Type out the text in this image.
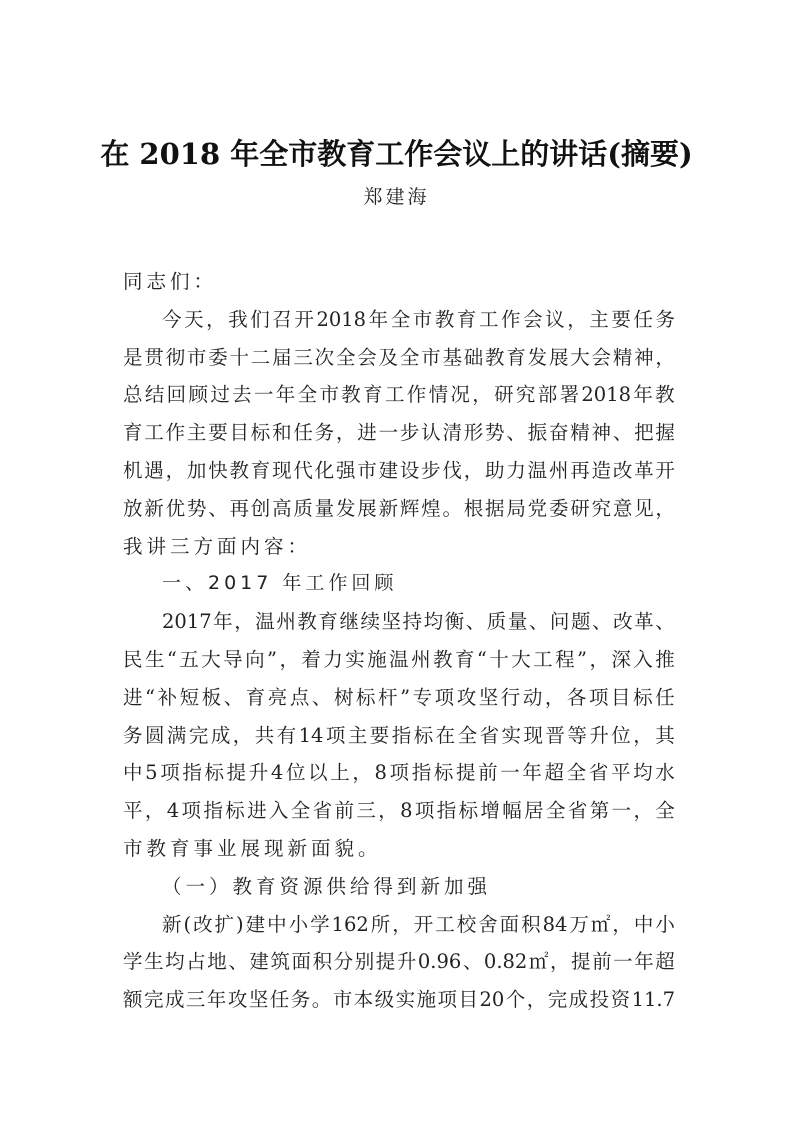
在 2018 年全市教育工作会议上的讲话(摘要)
郑建海
同志们：
今 天 ， 我 们 召 开 2018 年 全 市 教 育 工 作 会 议 ， 主 要 任 务
是 贯 彻 市 委 十 二 届 三 次 全 会 及 全 市 基 础 教 育 发 展 大 会 精 神 ，
总 结 回 顾 过 去 一 年 全 市 教 育 工 作 情 况 ， 研 究 部 署 2018 年 教
育 工 作 主 要 目 标 和 任 务 ， 进 一 步 认 清 形 势 、 振 奋 精 神 、 把 握
机 遇 ， 加 快 教 育 现 代 化 强 市 建 设 步 伐 ， 助 力 温 州 再 造 改 革 开
放 新 优 势 、 再 创 高 质 量 发 展 新 辉 煌 。 根 据 局 党 委 研 究 意 见 ，
我讲三方面内容：
一、2017 年工作回顾
2017 年 ， 温 州 教 育 继 续 坚 持 均 衡 、 质 量 、 问 题 、 改 革 、
民 生 “ 五 大 导 向 ” ， 着 力 实 施 温 州 教 育 “ 十 大 工 程 ” ， 深 入 推
进 “ 补 短 板 、 育 亮 点 、 树 标 杆 ” 专 项 攻 坚 行 动 ， 各 项 目 标 任
务 圆 满 完 成 ， 共 有 14 项 主 要 指 标 在 全 省 实 现 晋 等 升 位 ， 其
中 5 项 指 标 提 升 4 位 以 上 ， 8 项 指 标 提 前 一 年 超 全 省 平 均 水
平 ， 4 项 指 标 进 入 全 省 前 三 ， 8 项 指 标 增 幅 居 全 省 第 一 ， 全
市教育事业展现新面貌。
（一）教育资源供给得到新加强
新 ( 改 扩 ) 建 中 小 学 162 所 ， 开 工 校 舍 面 积 84 万 ㎡ ， 中 小
学 生 均 占 地 、 建 筑 面 积 分 别 提 升 0.96 、 0.82 ㎡ ， 提 前 一 年 超
额 完 成 三 年 攻 坚 任 务 。 市 本 级 实 施 项 目 20 个 ， 完 成 投 资 11.7
